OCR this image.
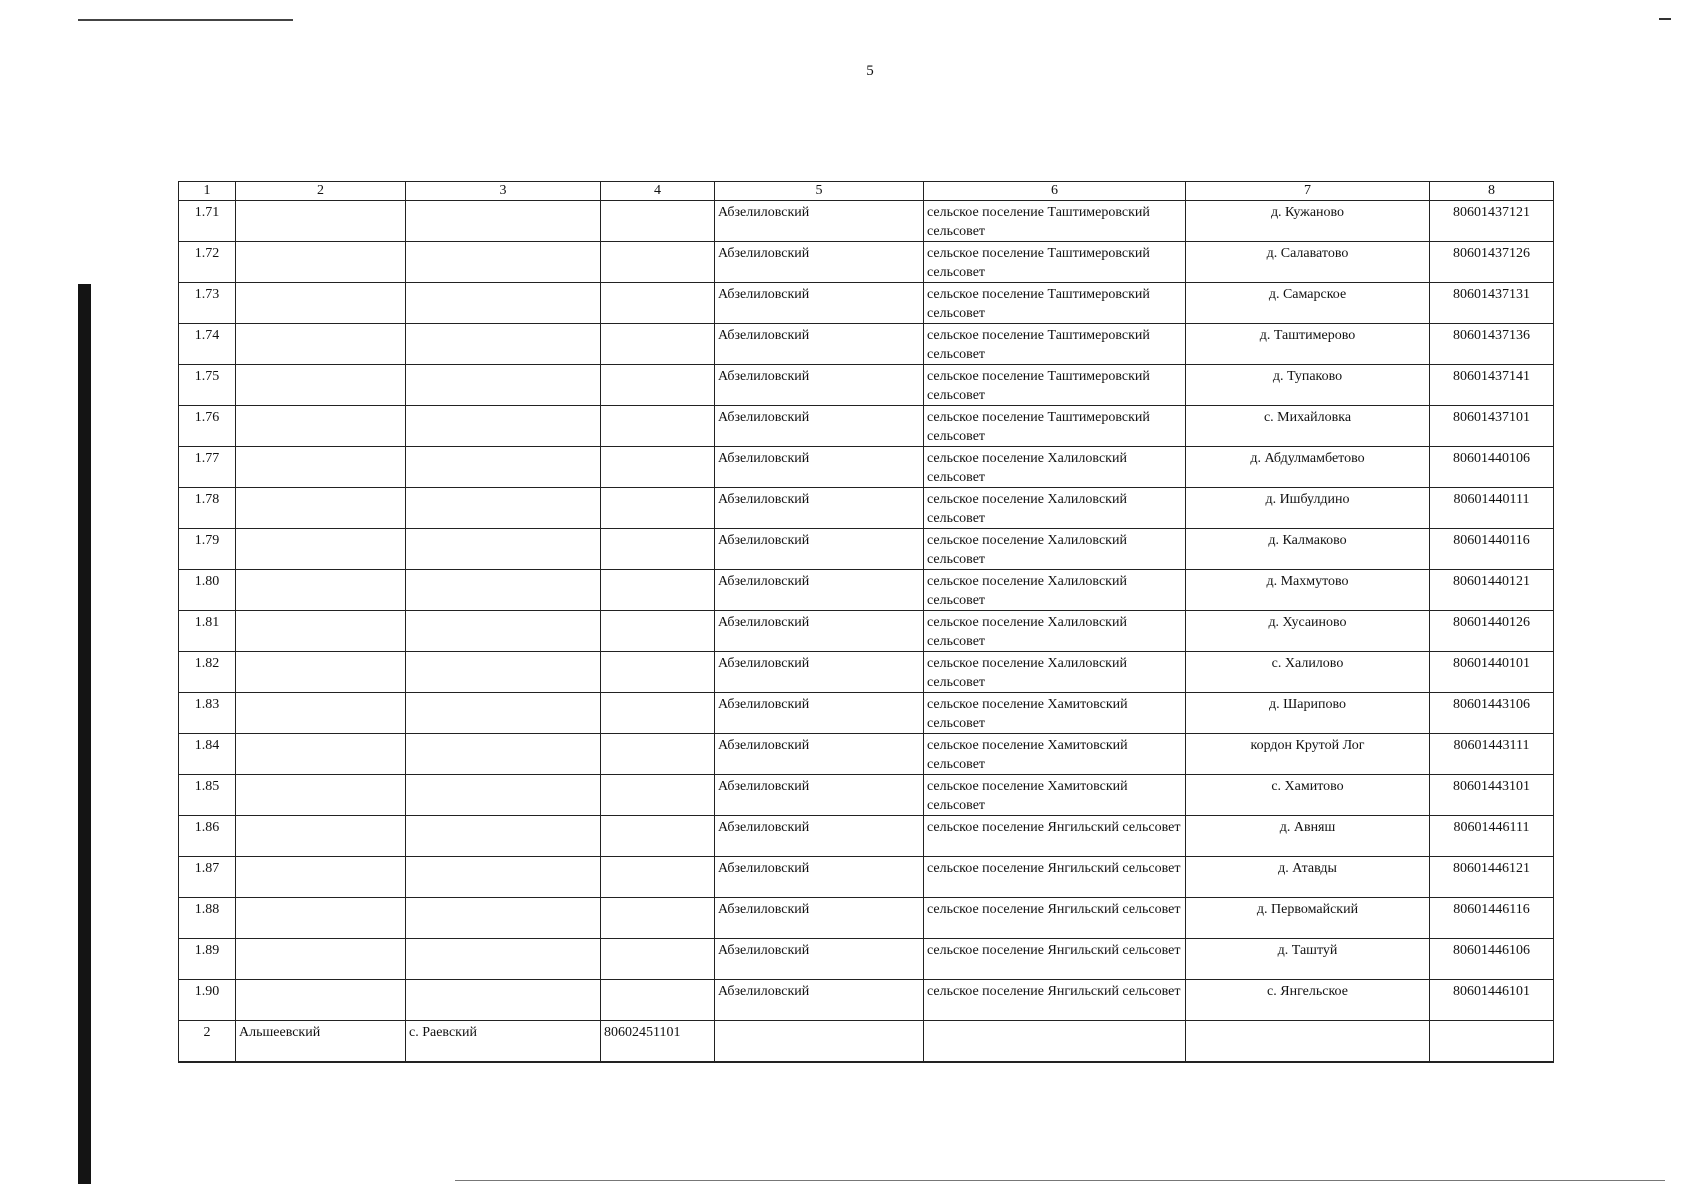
5
1	2	3	4	5	6	7	8
1.71				Абзелиловский	сельское поселение Таштимеровский сельсовет	д. Кужаново	80601437121
1.72				Абзелиловский	сельское поселение Таштимеровский сельсовет	д. Салаватово	80601437126
1.73				Абзелиловский	сельское поселение Таштимеровский сельсовет	д. Самарское	80601437131
1.74				Абзелиловский	сельское поселение Таштимеровский сельсовет	д. Таштимерово	80601437136
1.75				Абзелиловский	сельское поселение Таштимеровский сельсовет	д. Тупаково	80601437141
1.76				Абзелиловский	сельское поселение Таштимеровский сельсовет	с. Михайловка	80601437101
1.77				Абзелиловский	сельское поселение Халиловский сельсовет	д. Абдулмамбетово	80601440106
1.78				Абзелиловский	сельское поселение Халиловский сельсовет	д. Ишбулдино	80601440111
1.79				Абзелиловский	сельское поселение Халиловский сельсовет	д. Калмаково	80601440116
1.80				Абзелиловский	сельское поселение Халиловский сельсовет	д. Махмутово	80601440121
1.81				Абзелиловский	сельское поселение Халиловский сельсовет	д. Хусаиново	80601440126
1.82				Абзелиловский	сельское поселение Халиловский сельсовет	с. Халилово	80601440101
1.83				Абзелиловский	сельское поселение Хамитовский сельсовет	д. Шарипово	80601443106
1.84				Абзелиловский	сельское поселение Хамитовский сельсовет	кордон Крутой Лог	80601443111
1.85				Абзелиловский	сельское поселение Хамитовский сельсовет	с. Хамитово	80601443101
1.86				Абзелиловский	сельское поселение Янгильский сельсовет	д. Авняш	80601446111
1.87				Абзелиловский	сельское поселение Янгильский сельсовет	д. Атавды	80601446121
1.88				Абзелиловский	сельское поселение Янгильский сельсовет	д. Первомайский	80601446116
1.89				Абзелиловский	сельское поселение Янгильский сельсовет	д. Таштуй	80601446106
1.90				Абзелиловский	сельское поселение Янгильский сельсовет	с. Янгельское	80601446101
2	Альшеевский	с. Раевский	80602451101				
